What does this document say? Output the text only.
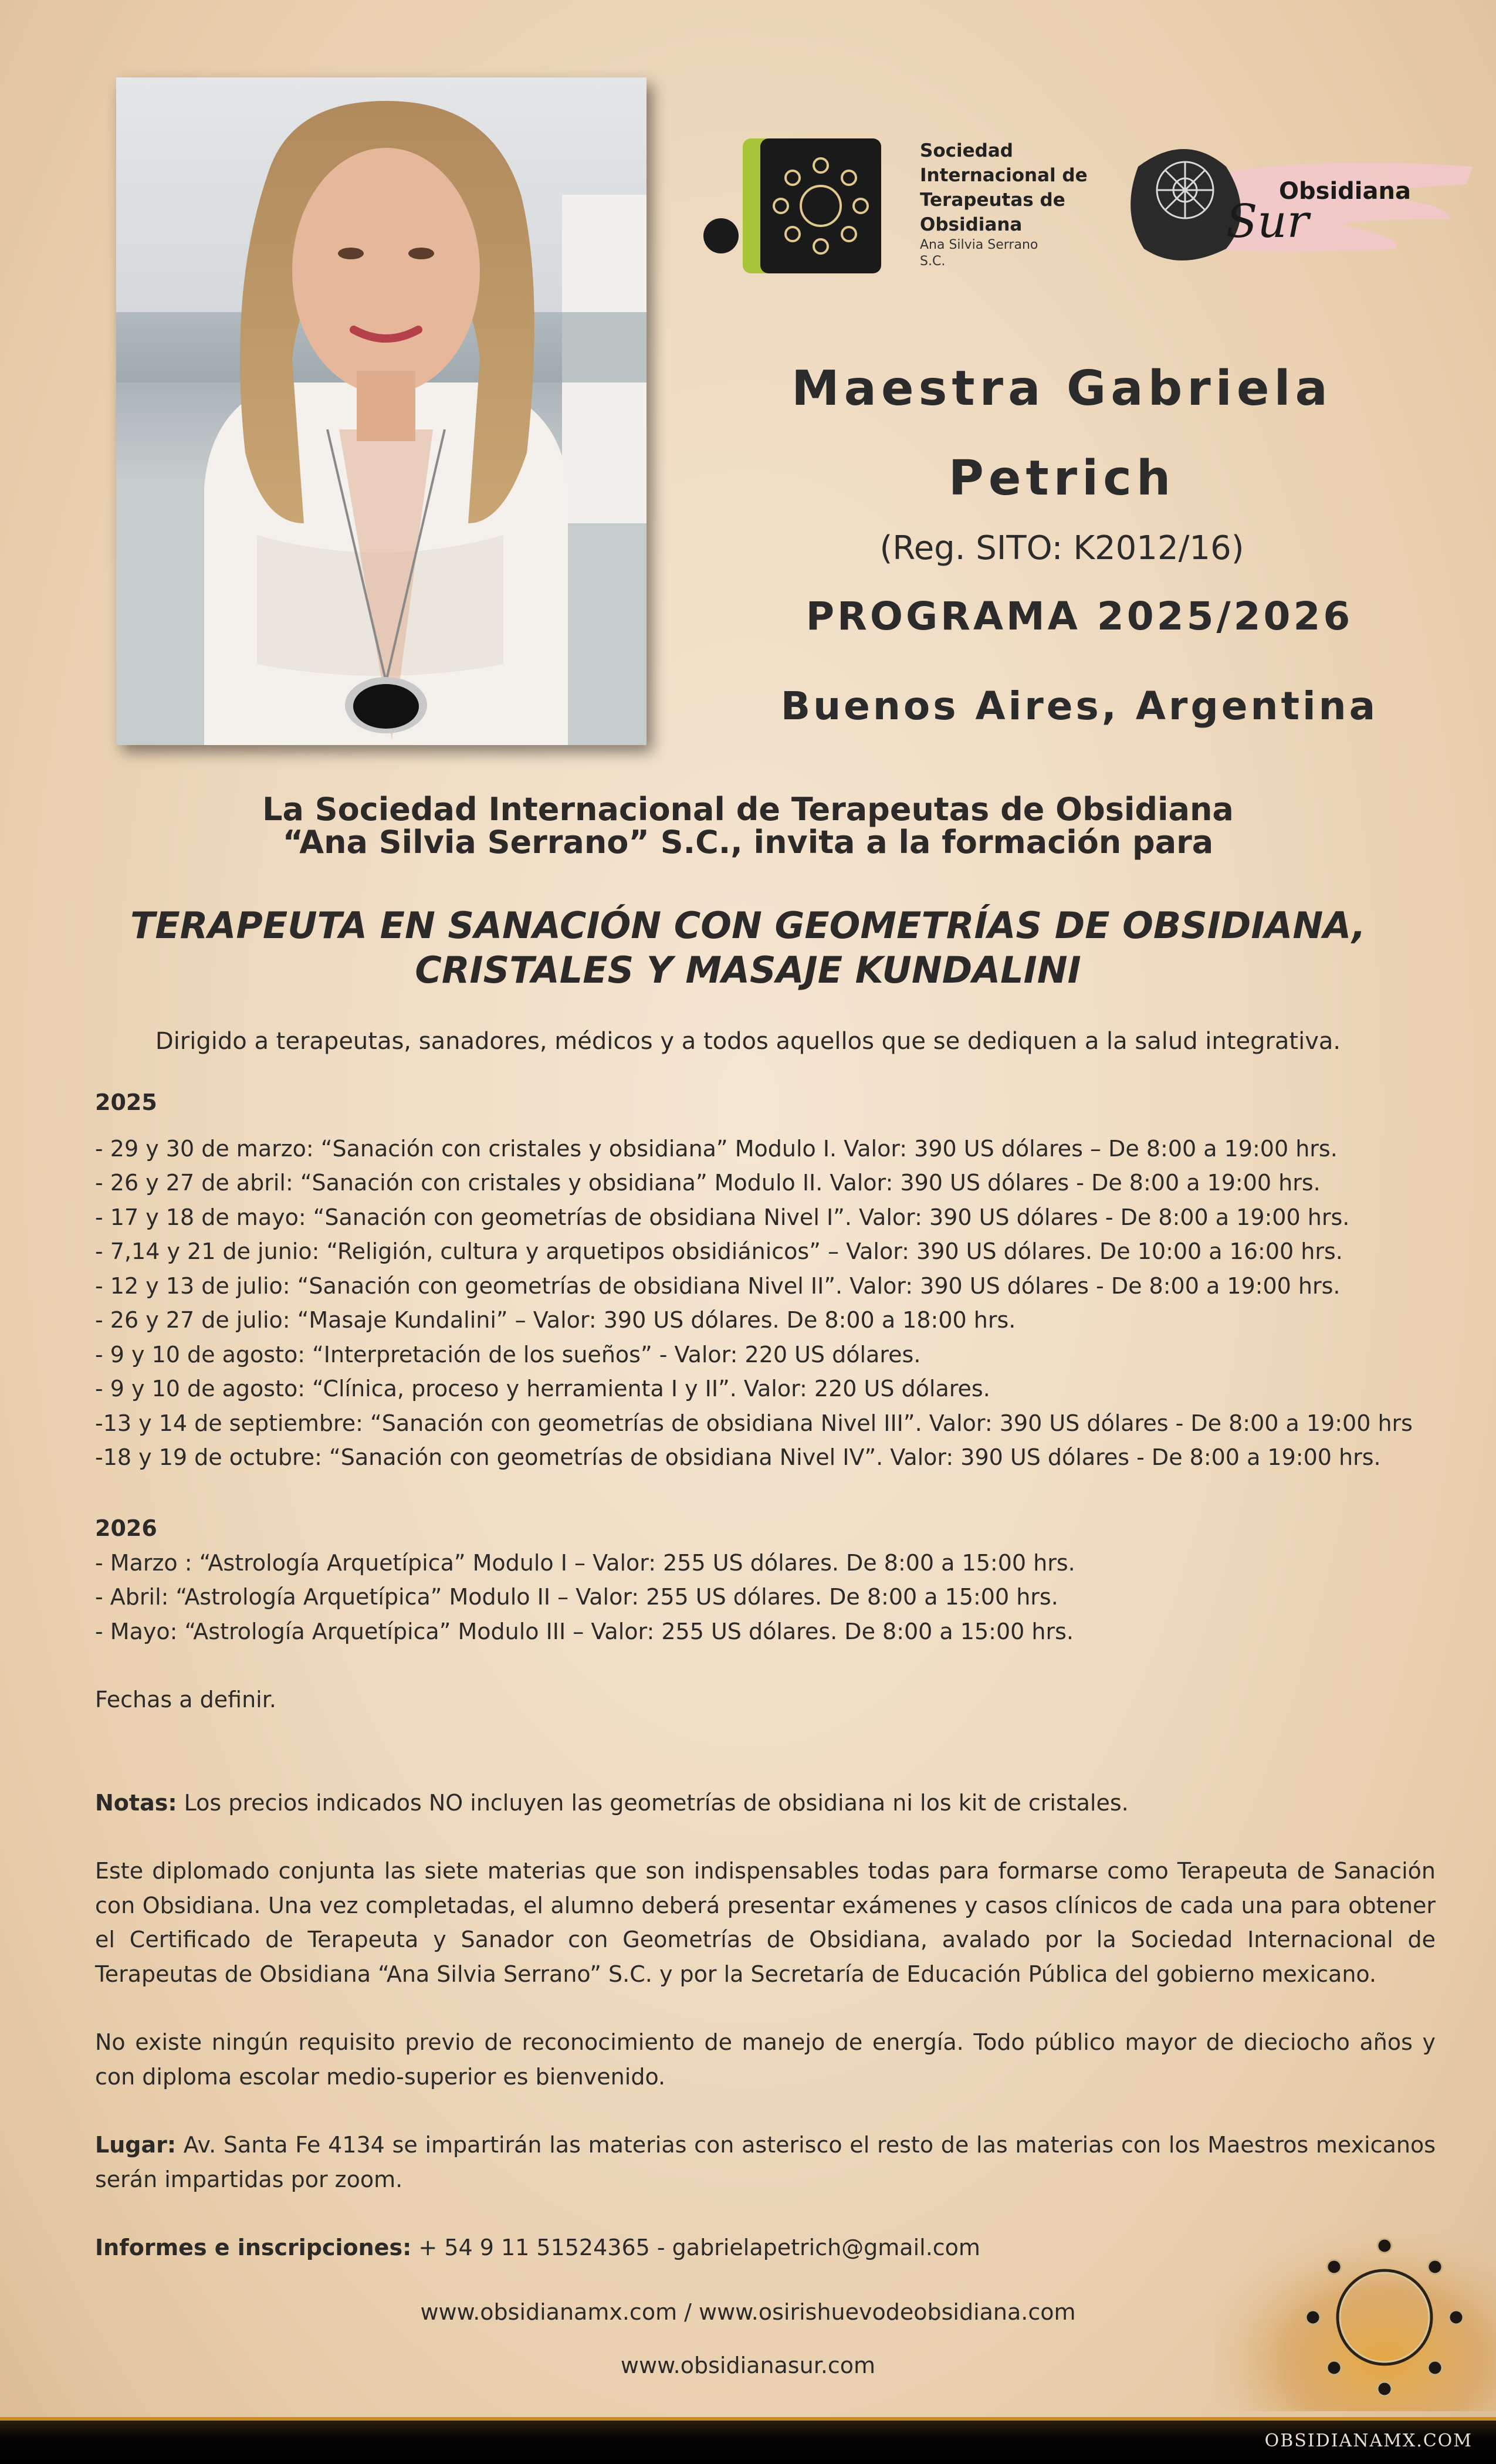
Sociedad
Internacional de
Terapeutas de
Obsidiana
Ana Silvia Serrano
S.C.
Obsidiana
Sur
Maestra Gabriela
Petrich
(Reg. SITO: K2012/16)
PROGRAMA 2025/2026
Buenos Aires, Argentina
La Sociedad Internacional de Terapeutas de Obsidiana
“Ana Silvia Serrano” S.C., invita a la formación para
TERAPEUTA EN SANACIÓN CON GEOMETRÍAS DE OBSIDIANA,
CRISTALES Y MASAJE KUNDALINI
Dirigido a terapeutas, sanadores, médicos y a todos aquellos que se dediquen a la salud integrativa.
2025
- 29 y 30 de marzo: “Sanación con cristales y obsidiana” Modulo I. Valor: 390 US dólares – De 8:00 a 19:00 hrs.
- 26 y 27 de abril: “Sanación con cristales y obsidiana” Modulo II. Valor: 390 US dólares - De 8:00 a 19:00 hrs.
- 17 y 18 de mayo: “Sanación con geometrías de obsidiana Nivel I”. Valor: 390 US dólares - De 8:00 a 19:00 hrs.
- 7,14 y 21 de junio: “Religión, cultura y arquetipos obsidiánicos” – Valor: 390 US dólares. De 10:00 a 16:00 hrs.
- 12 y 13 de julio: “Sanación con geometrías de obsidiana Nivel II”. Valor: 390 US dólares - De 8:00 a 19:00 hrs.
- 26 y 27 de julio: “Masaje Kundalini” – Valor: 390 US dólares. De 8:00 a 18:00 hrs.
- 9 y 10 de agosto: “Interpretación de los sueños” - Valor: 220 US dólares.
- 9 y 10 de agosto: “Clínica, proceso y herramienta I y II”. Valor: 220 US dólares.
-13 y 14 de septiembre: “Sanación con geometrías de obsidiana Nivel III”. Valor: 390 US dólares - De 8:00 a 19:00 hrs
-18 y 19 de octubre: “Sanación con geometrías de obsidiana Nivel IV”. Valor: 390 US dólares - De 8:00 a 19:00 hrs.
2026
- Marzo : “Astrología Arquetípica” Modulo I – Valor: 255 US dólares. De 8:00 a 15:00 hrs.
- Abril: “Astrología Arquetípica” Modulo II – Valor: 255 US dólares. De 8:00 a 15:00 hrs.
- Mayo: “Astrología Arquetípica” Modulo III – Valor: 255 US dólares. De 8:00 a 15:00 hrs.
Fechas a definir.
Notas: Los precios indicados NO incluyen las geometrías de obsidiana ni los kit de cristales.
Este diplomado conjunta las siete materias que son indispensables todas para formarse como Terapeuta de Sanación con Obsidiana. Una vez completadas, el alumno deberá presentar exámenes y casos clínicos de cada una para obtener el Certificado de Terapeuta y Sanador con Geometrías de Obsidiana, avalado por la Sociedad Internacional de Terapeutas de Obsidiana “Ana Silvia Serrano” S.C. y por la Secretaría de Educación Pública del gobierno mexicano.
No existe ningún requisito previo de reconocimiento de manejo de energía. Todo público mayor de dieciocho años y con diploma escolar medio-superior es bienvenido.
Lugar: Av. Santa Fe 4134 se impartirán las materias con asterisco el resto de las materias con los Maestros mexicanos serán impartidas por zoom.
Informes e inscripciones: + 54 9 11 51524365 - gabrielapetrich@gmail.com
www.obsidianamx.com / www.osirishuevodeobsidiana.com
www.obsidianasur.com
OBSIDIANAMX.COM
